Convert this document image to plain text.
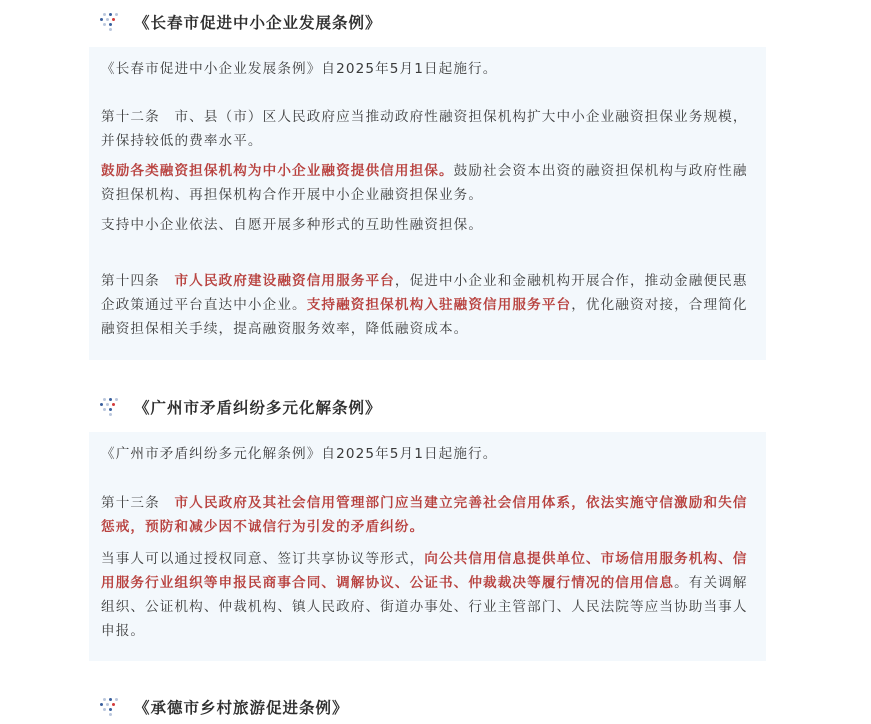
《长春市促进中小企业发展条例》

《长春市促进中小企业发展条例》自2025年5月1日起施行。

第十二条　市、县（市）区人民政府应当推动政府性融资担保机构扩大中小企业融资担保业务规模，并保持较低的费率水平。

鼓励各类融资担保机构为中小企业融资提供信用担保。鼓励社会资本出资的融资担保机构与政府性融资担保机构、再担保机构合作开展中小企业融资担保业务。

支持中小企业依法、自愿开展多种形式的互助性融资担保。

第十四条　市人民政府建设融资信用服务平台，促进中小企业和金融机构开展合作，推动金融便民惠企政策通过平台直达中小企业。支持融资担保机构入驻融资信用服务平台，优化融资对接，合理简化融资担保相关手续，提高融资服务效率，降低融资成本。

《广州市矛盾纠纷多元化解条例》

《广州市矛盾纠纷多元化解条例》自2025年5月1日起施行。

第十三条　市人民政府及其社会信用管理部门应当建立完善社会信用体系，依法实施守信激励和失信惩戒，预防和减少因不诚信行为引发的矛盾纠纷。

当事人可以通过授权同意、签订共享协议等形式，向公共信用信息提供单位、市场信用服务机构、信用服务行业组织等申报民商事合同、调解协议、公证书、仲裁裁决等履行情况的信用信息。有关调解组织、公证机构、仲裁机构、镇人民政府、街道办事处、行业主管部门、人民法院等应当协助当事人申报。

《承德市乡村旅游促进条例》
